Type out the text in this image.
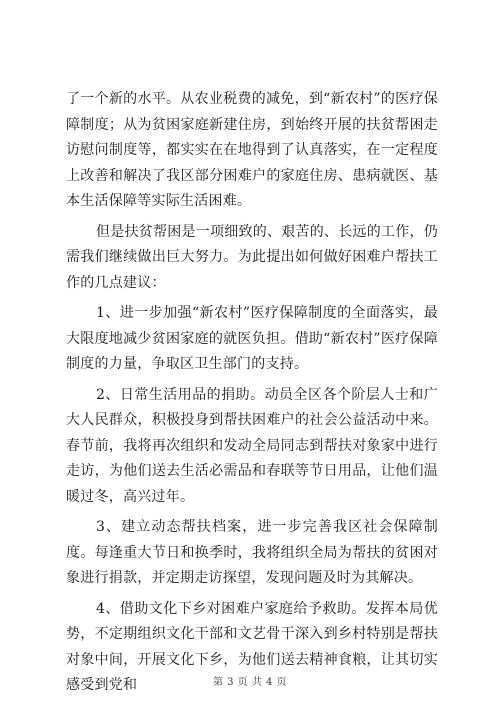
了一个新的水平。从农业税费的减免，到“新农村”的医疗保障制度；从为贫困家庭新建住房，到始终开展的扶贫帮困走访慰问制度等，都实实在在地得到了认真落实，在一定程度上改善和解决了我区部分困难户的家庭住房、患病就医、基本生活保障等实际生活困难。

但是扶贫帮困是一项细致的、艰苦的、长远的工作，仍需我们继续做出巨大努力。为此提出如何做好困难户帮扶工作的几点建议：

1、进一步加强“新农村”医疗保障制度的全面落实，最大限度地减少贫困家庭的就医负担。借助“新农村”医疗保障制度的力量，争取区卫生部门的支持。

2、日常生活用品的捐助。动员全区各个阶层人士和广大人民群众，积极投身到帮扶困难户的社会公益活动中来。春节前，我将再次组织和发动全局同志到帮扶对象家中进行走访，为他们送去生活必需品和春联等节日用品，让他们温暖过冬，高兴过年。

3、建立动态帮扶档案，进一步完善我区社会保障制度。每逢重大节日和换季时，我将组织全局为帮扶的贫困对象进行捐款，并定期走访探望，发现问题及时为其解决。

4、借助文化下乡对困难户家庭给予救助。发挥本局优势，不定期组织文化干部和文艺骨干深入到乡村特别是帮扶对象中间，开展文化下乡，为他们送去精神食粮，让其切实感受到党和	第 3 页 共 4 页
